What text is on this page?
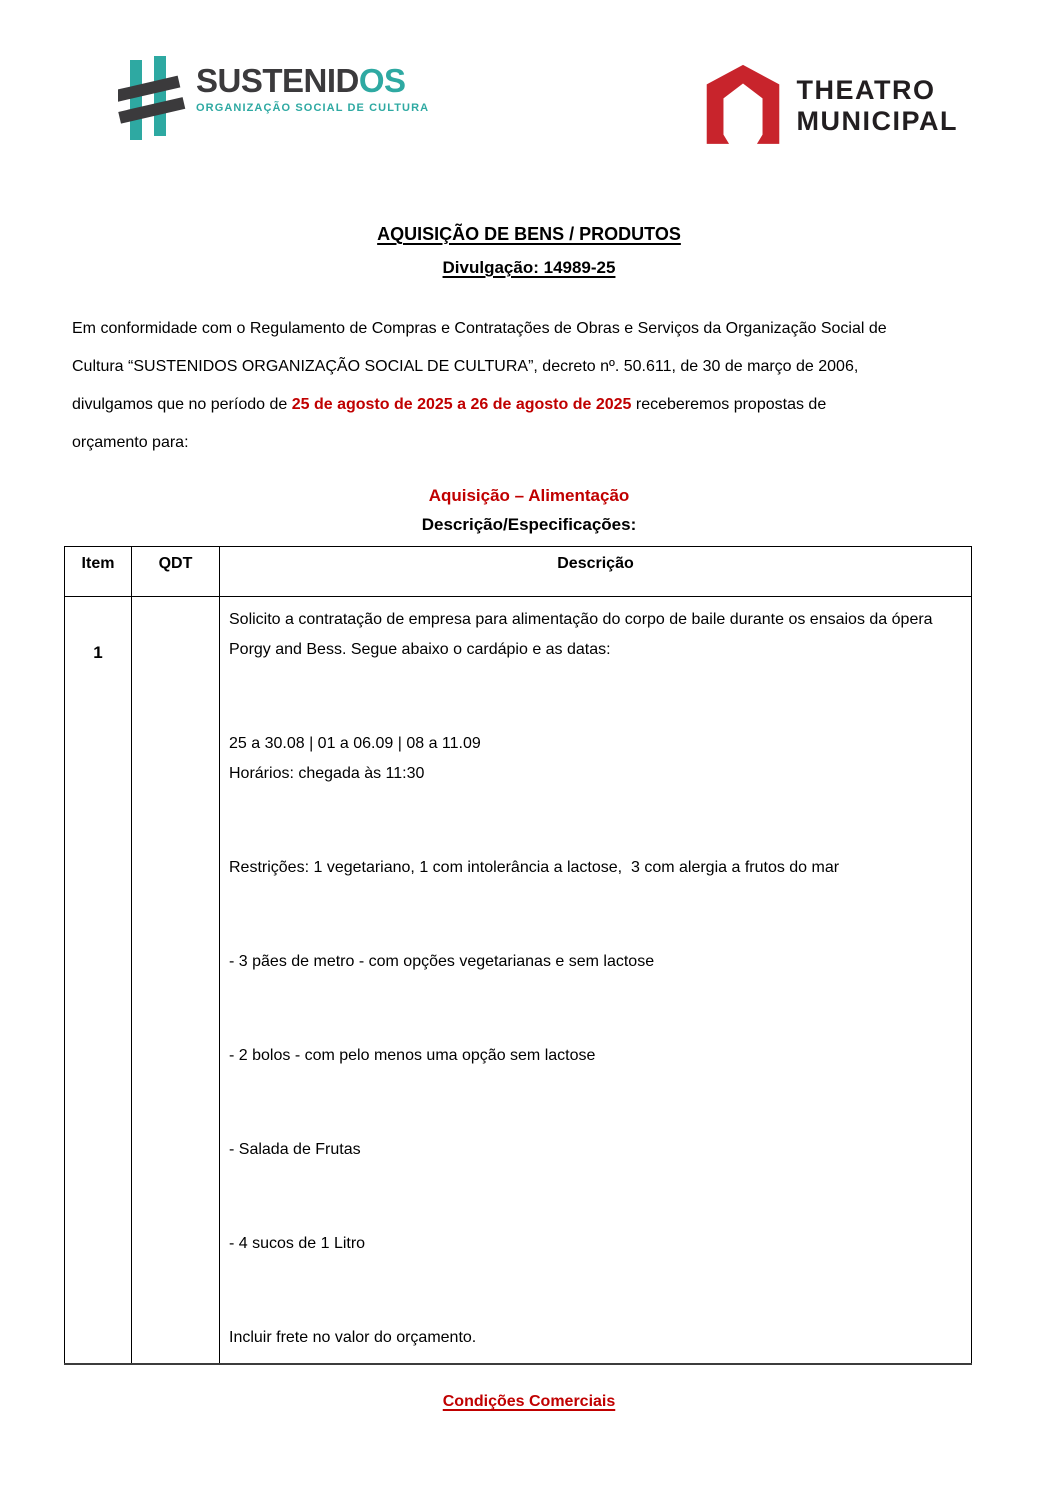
SUSTENIDOS
ORGANIZAÇÃO SOCIAL DE CULTURA
THEATRO
MUNICIPAL
AQUISIÇÃO DE BENS / PRODUTOS
Divulgação: 14989-25
Em conformidade com o Regulamento de Compras e Contratações de Obras e Serviços da Organização Social de
Cultura “SUSTENIDOS ORGANIZAÇÃO SOCIAL DE CULTURA”, decreto nº. 50.611, de 30 de março de 2006,
divulgamos que no período de 25 de agosto de 2025 a 26 de agosto de 2025 receberemos propostas de
orçamento para:
Aquisição – Alimentação
Descrição/Especificações:
Item	QDT	Descrição
1		
Solicito a contratação de empresa para alimentação do corpo de baile durante os ensaios da ópera Porgy and Bess. Segue abaixo o cardápio e as datas:
25 a 30.08 | 01 a 06.09 | 08 a 11.09
Horários: chegada às 11:30
Restrições: 1 vegetariano, 1 com intolerância a lactose,  3 com alergia a frutos do mar
- 3 pães de metro - com opções vegetarianas e sem lactose
- 2 bolos - com pelo menos uma opção sem lactose
- Salada de Frutas
- 4 sucos de 1 Litro
Incluir frete no valor do orçamento.
Condições Comerciais
